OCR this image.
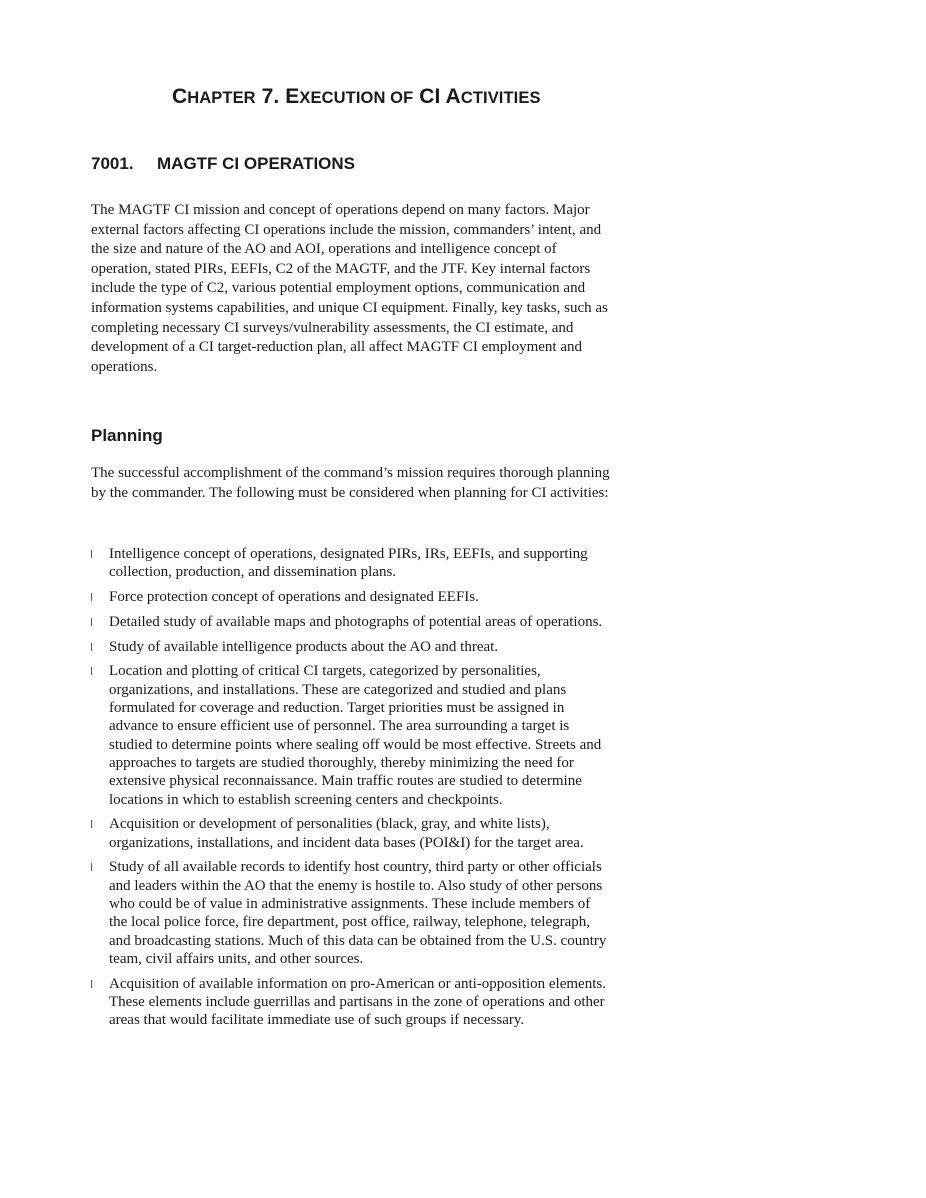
CHAPTER 7. EXECUTION OF CI ACTIVITIES
7001. MAGTF CI OPERATIONS

The MAGTF CI mission and concept of operations depend on many factors. Major external factors affecting CI operations include the mission, commanders’ intent, and the size and nature of the AO and AOI, operations and intelligence concept of operation, stated PIRs, EEFIs, C2 of the MAGTF, and the JTF. Key internal factors include the type of C2, various potential employment options, communication and information systems capabilities, and unique CI equipment. Finally, key tasks, such as completing necessary CI surveys/vulnerability assessments, the CI estimate, and development of a CI target-reduction plan, all affect MAGTF CI employment and operations.

Planning

The successful accomplishment of the command’s mission requires thorough planning by the commander. The following must be considered when planning for CI activities:

Intelligence concept of operations, designated PIRs, IRs, EEFIs, and supporting collection, production, and dissemination plans.
Force protection concept of operations and designated EEFIs.
Detailed study of available maps and photographs of potential areas of operations.
Study of available intelligence products about the AO and threat.
Location and plotting of critical CI targets, categorized by personalities, organizations, and installations. These are categorized and studied and plans formulated for coverage and reduction. Target priorities must be assigned in advance to ensure efficient use of personnel. The area surrounding a target is studied to determine points where sealing off would be most effective. Streets and approaches to targets are studied thoroughly, thereby minimizing the need for extensive physical reconnaissance. Main traffic routes are studied to determine locations in which to establish screening centers and checkpoints.
Acquisition or development of personalities (black, gray, and white lists), organizations, installations, and incident data bases (POI&I) for the target area.
Study of all available records to identify host country, third party or other officials and leaders within the AO that the enemy is hostile to. Also study of other persons who could be of value in administrative assignments. These include members of the local police force, fire department, post office, railway, telephone, telegraph, and broadcasting stations. Much of this data can be obtained from the U.S. country team, civil affairs units, and other sources.
Acquisition of available information on pro-American or anti-opposition elements. These elements include guerrillas and partisans in the zone of operations and other areas that would facilitate immediate use of such groups if necessary.
